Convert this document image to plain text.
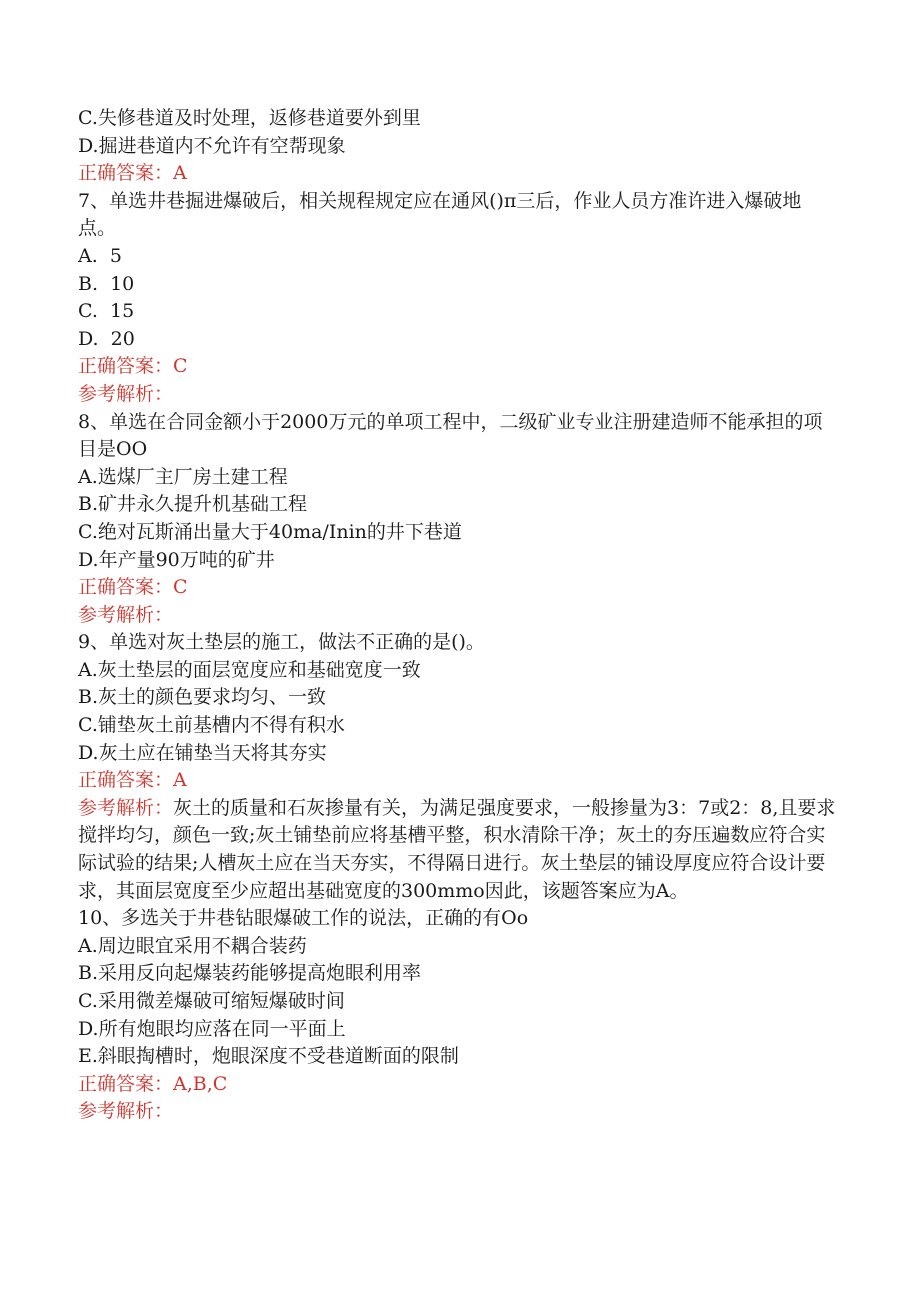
C.失修巷道及时处理，返修巷道要外到里
D.掘进巷道内不允许有空帮现象
正确答案：A
7、单选井巷掘进爆破后，相关规程规定应在通风()π三后，作业人员方准许进入爆破地点。
A.  5
B.  10
C.  15
D.  20
正确答案：C
参考解析：
8、单选在合同金额小于2000万元的单项工程中，二级矿业专业注册建造师不能承担的项目是OO
A.选煤厂主厂房土建工程
B.矿井永久提升机基础工程
C.绝对瓦斯涌出量大于40ma/Inin的井下巷道
D.年产量90万吨的矿井
正确答案：C
参考解析：
9、单选对灰土垫层的施工，做法不正确的是()。
A.灰土垫层的面层宽度应和基础宽度一致
B.灰土的颜色要求均匀、一致
C.铺垫灰土前基槽内不得有积水
D.灰土应在铺垫当天将其夯实
正确答案：A
参考解析：灰土的质量和石灰掺量有关，为满足强度要求，一般掺量为3：7或2：8,且要求搅拌均匀，颜色一致;灰土铺垫前应将基槽平整，积水清除干净；灰土的夯压遍数应符合实际试验的结果;人槽灰土应在当天夯实，不得隔日进行。灰土垫层的铺设厚度应符合设计要求，其面层宽度至少应超出基础宽度的300mmo因此，该题答案应为A。
10、多选关于井巷钻眼爆破工作的说法，正确的有Oo
A.周边眼宜采用不耦合装药
B.采用反向起爆装药能够提高炮眼利用率
C.采用微差爆破可缩短爆破时间
D.所有炮眼均应落在同一平面上
E.斜眼掏槽时，炮眼深度不受巷道断面的限制
正确答案：A,B,C
参考解析：
